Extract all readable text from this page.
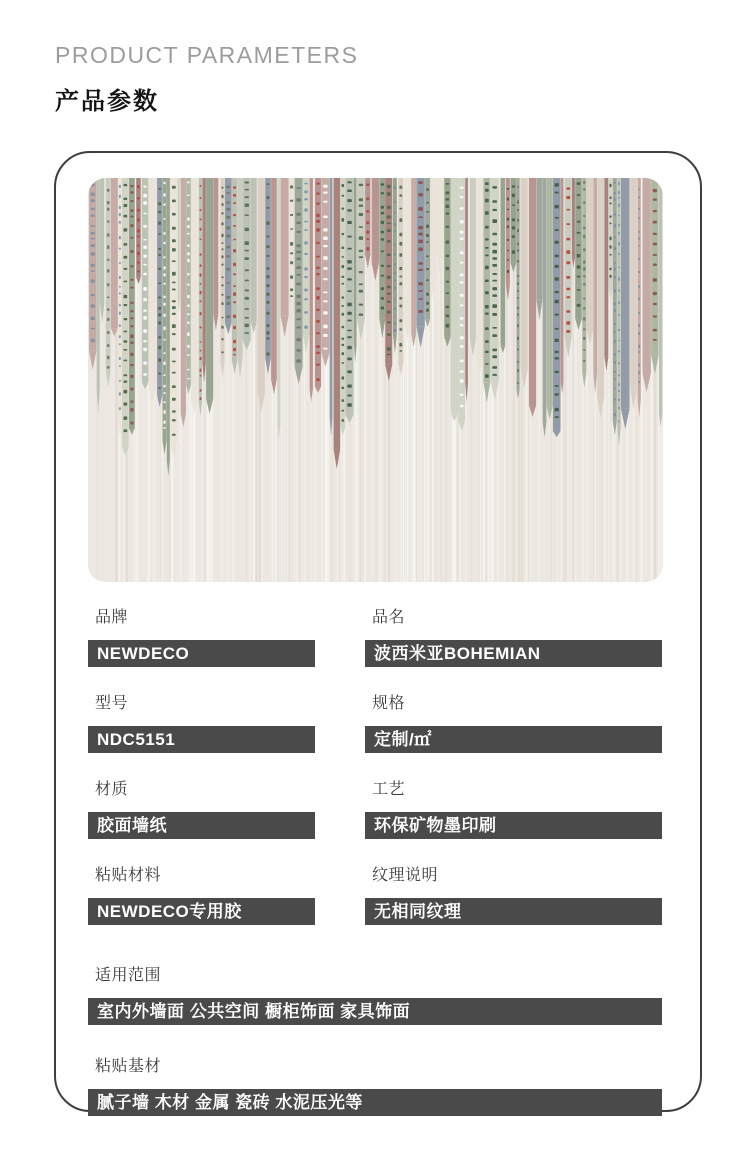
PRODUCT PARAMETERS
产品参数
品牌
NEWDECO
品名
波西米亚BOHEMIAN
型号
NDC5151
规格
定制/㎡
材质
胶面墙纸
工艺
环保矿物墨印刷
粘贴材料
NEWDECO专用胶
纹理说明
无相同纹理
适用范围
室内外墙面 公共空间 橱柜饰面 家具饰面
粘贴基材
腻子墙 木材 金属 瓷砖 水泥压光等
